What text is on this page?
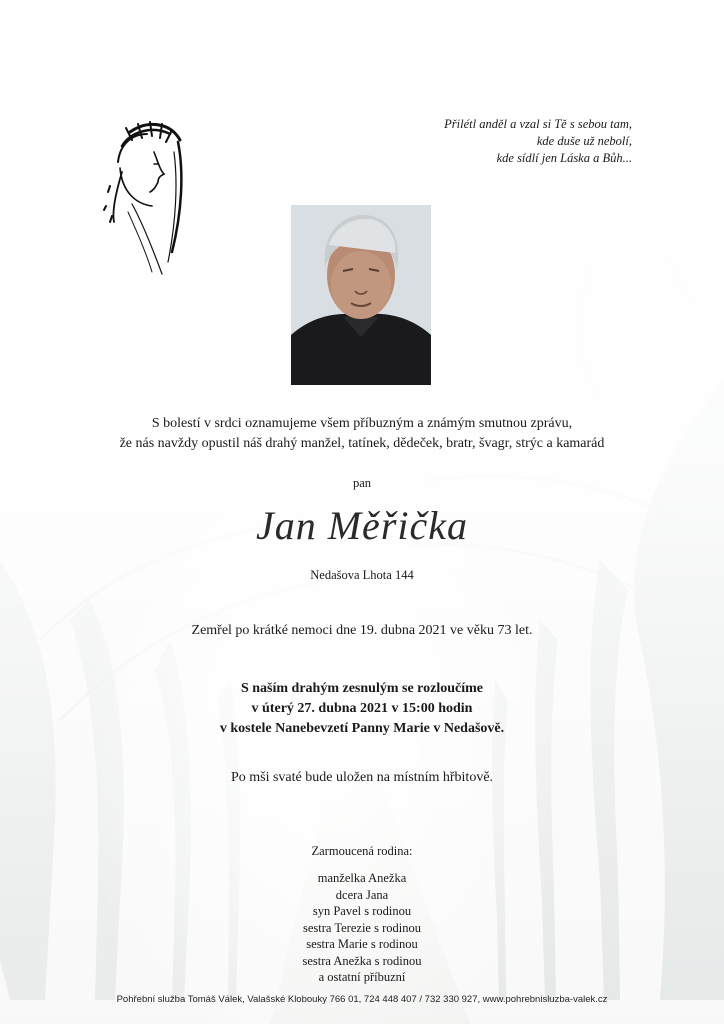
Přilétl anděl a vzal si Tě s sebou tam,
kde duše už nebolí,
kde sídlí jen Láska a Bůh...
S bolestí v srdci oznamujeme všem příbuzným a známým smutnou zprávu,
že nás navždy opustil náš drahý manžel, tatínek, dědeček, bratr, švagr, strýc a kamarád
pan
Jan Měřička
Nedašova Lhota 144
Zemřel po krátké nemoci dne 19. dubna 2021 ve věku 73 let.
S naším drahým zesnulým se rozloučíme
v úterý 27. dubna 2021 v 15:00 hodin
v kostele Nanebevzetí Panny Marie v Nedašově.
Po mši svaté bude uložen na místním hřbitově.
Zarmoucená rodina:
manželka Anežka
dcera Jana
syn Pavel s rodinou
sestra Terezie s rodinou
sestra Marie s rodinou
sestra Anežka s rodinou
a ostatní příbuzní
Pohřební služba Tomáš Válek, Valašské Klobouky 766 01, 724 448 407 / 732 330 927, www.pohrebnisluzba-valek.cz
